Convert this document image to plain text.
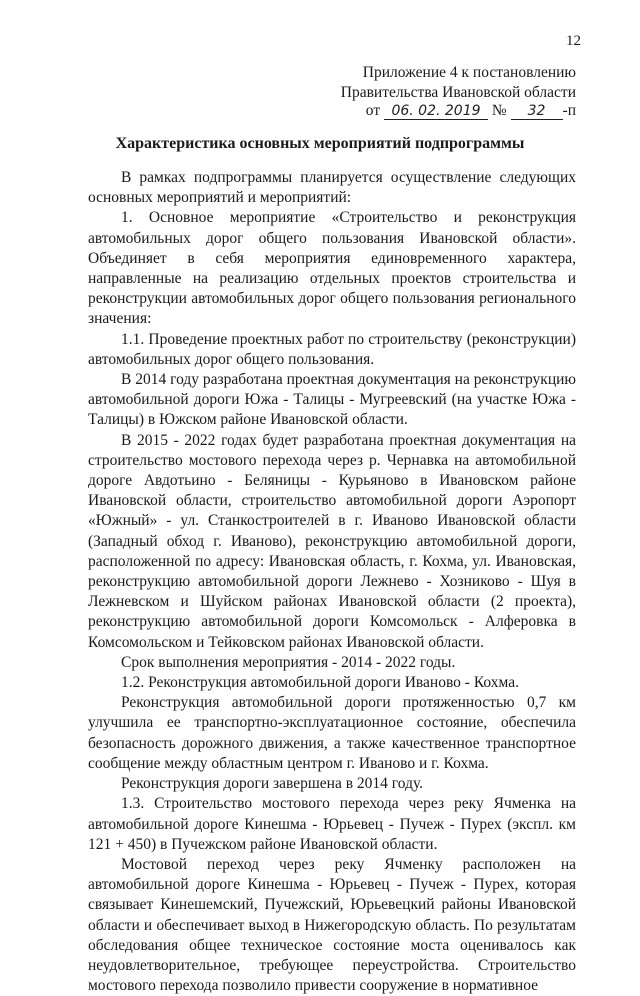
12
Приложение 4 к постановлению
Правительства Ивановской области
от 06. 02. 2019 № 32 -п
Характеристика основных мероприятий подпрограммы

В рамках подпрограммы планируется осуществление следующих основных мероприятий и мероприятий:

1. Основное мероприятие «Строительство и реконструкция автомобильных дорог общего пользования Ивановской области». Объединяет в себя мероприятия единовременного характера, направленные на реализацию отдельных проектов строительства и реконструкции автомобильных дорог общего пользования регионального значения:

1.1. Проведение проектных работ по строительству (реконструкции) автомобильных дорог общего пользования.

В 2014 году разработана проектная документация на реконструкцию автомобильной дороги Южа - Талицы - Мугреевский (на участке Южа - Талицы) в Южском районе Ивановской области.

В 2015 - 2022 годах будет разработана проектная документация на строительство мостового перехода через р. Чернавка на автомобильной дороге Авдотьино - Беляницы - Курьяново в Ивановском районе Ивановской области, строительство автомобильной дороги Аэропорт «Южный» - ул. Станкостроителей в г. Иваново Ивановской области (Западный обход г. Иваново), реконструкцию автомобильной дороги, расположенной по адресу: Ивановская область, г. Кохма, ул. Ивановская, реконструкцию автомобильной дороги Лежнево - Хозниково - Шуя в Лежневском и Шуйском районах Ивановской области (2 проекта), реконструкцию автомобильной дороги Комсомольск - Алферовка в Комсомольском и Тейковском районах Ивановской области.

Срок выполнения мероприятия - 2014 - 2022 годы.

1.2. Реконструкция автомобильной дороги Иваново - Кохма.

Реконструкция автомобильной дороги протяженностью 0,7 км улучшила ее транспортно-эксплуатационное состояние, обеспечила безопасность дорожного движения, а также качественное транспортное сообщение между областным центром г. Иваново и г. Кохма.

Реконструкция дороги завершена в 2014 году.

1.3. Строительство мостового перехода через реку Ячменка на автомобильной дороге Кинешма - Юрьевец - Пучеж - Пурех (экспл. км 121 + 450) в Пучежском районе Ивановской области.

Мостовой переход через реку Ячменку расположен на автомобильной дороге Кинешма - Юрьевец - Пучеж - Пурех, которая связывает Кинешемский, Пучежский, Юрьевецкий районы Ивановской области и обеспечивает выход в Нижегородскую область. По результатам обследования общее техническое состояние моста оценивалось как неудовлетворительное, требующее переустройства. Строительство мостового перехода позволило привести сооружение в нормативное
